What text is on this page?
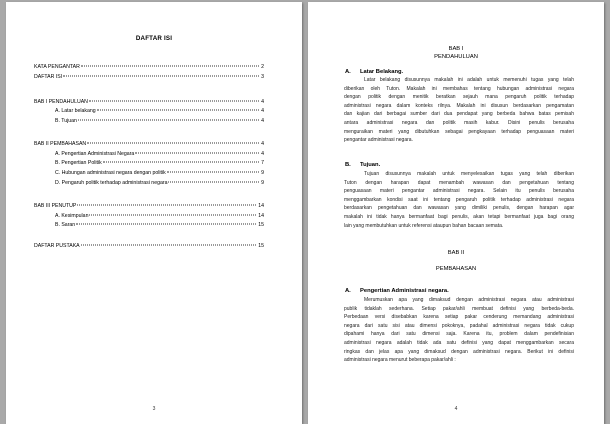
DAFTAR ISI
KATA PENGANTAR	2
DAFTAR ISI	3
BAB I PENDAHULUAN	4
A. Latar belakang	4
B. Tujuan	4
BAB II PEMBAHASAN	4
A. Pengertian Administrasi Negara	4
B. Pengertian Politik	7
C. Hubungan administrasi negara dengan politik	9
D. Pengaruh politik terhadap administrasi negara	9
BAB III PENUTUP	14
A. Kesimpulan	14
B. Saran	15
DAFTAR PUSTAKA	15
3
BAB I
PENDAHULUAN
A. Latar Belakang.
Latar belakang disusunnya makalah ini adalah untuk memenuhi tugas yang telah
diberikan oleh Tuton. Makalah ini membahas tentang hubungan administrasi negara
dengan politik dengan menitik beratkan sejauh mana pengaruh politik terhadap
administrasi negara dalam konteks rilnya. Makalah ini disusun berdasarkan pengamatan
dan kajian dari berbagai sumber dari dua pendapat yang berbeda bahwa batas pemisah
antara administrasi negara dan politik masih kabur. Disini penulis berusaha
menguraikan materi yang dibutuhkan sebagai pengkayaan terhadap penguasaan materi
pengantar administrasi negara.
B. Tujuan.
Tujuan disusunnya makalah untuk menyelesaikan tugas yang telah diberikan
Tuton dengan harapan dapat menambah wawasan dan pengetahuan tentang
penguasaan materi pengantar administrasi negara. Selain itu penulis berusaha
menggambarkan kondisi saat ini tentang pengaruh politik terhadap administrasi negara
berdasarkan pengetahuan dan wawasan yang dimiliki penulis, dengan harapan agar
makalah ini tidak hanya bermanfaat bagi penulis, akan tetapi bermanfaat juga bagi orang
lain yang membutuhkan untuk referensi ataupun bahan bacaan semata.
BAB II
PEMBAHASAN
A. Pengertian Administrasi negara.
Merumuskan apa yang dimaksud dengan administrasi negara atau administrasi
publik tidaklah sederhana. Setiap pakar/ahli membuat definisi yang berbeda-beda.
Perbedaan versi disebabkan karena setiap pakar cenderung memandang administrasi
negara dari satu sisi atau dimensi pokoknya, padahal administrasi negara tidak cukup
dipahami hanya dari satu dimensi saja. Karena itu, problem dalam pendefinisian
administrasi negara adalah tidak ada satu definisi yang dapat menggambarkan secara
ringkas dan jelas apa yang dimaksud dengan administrasi negara. Berikut ini definisi
administrasi negara menurut beberapa pakar/ahli :
4
